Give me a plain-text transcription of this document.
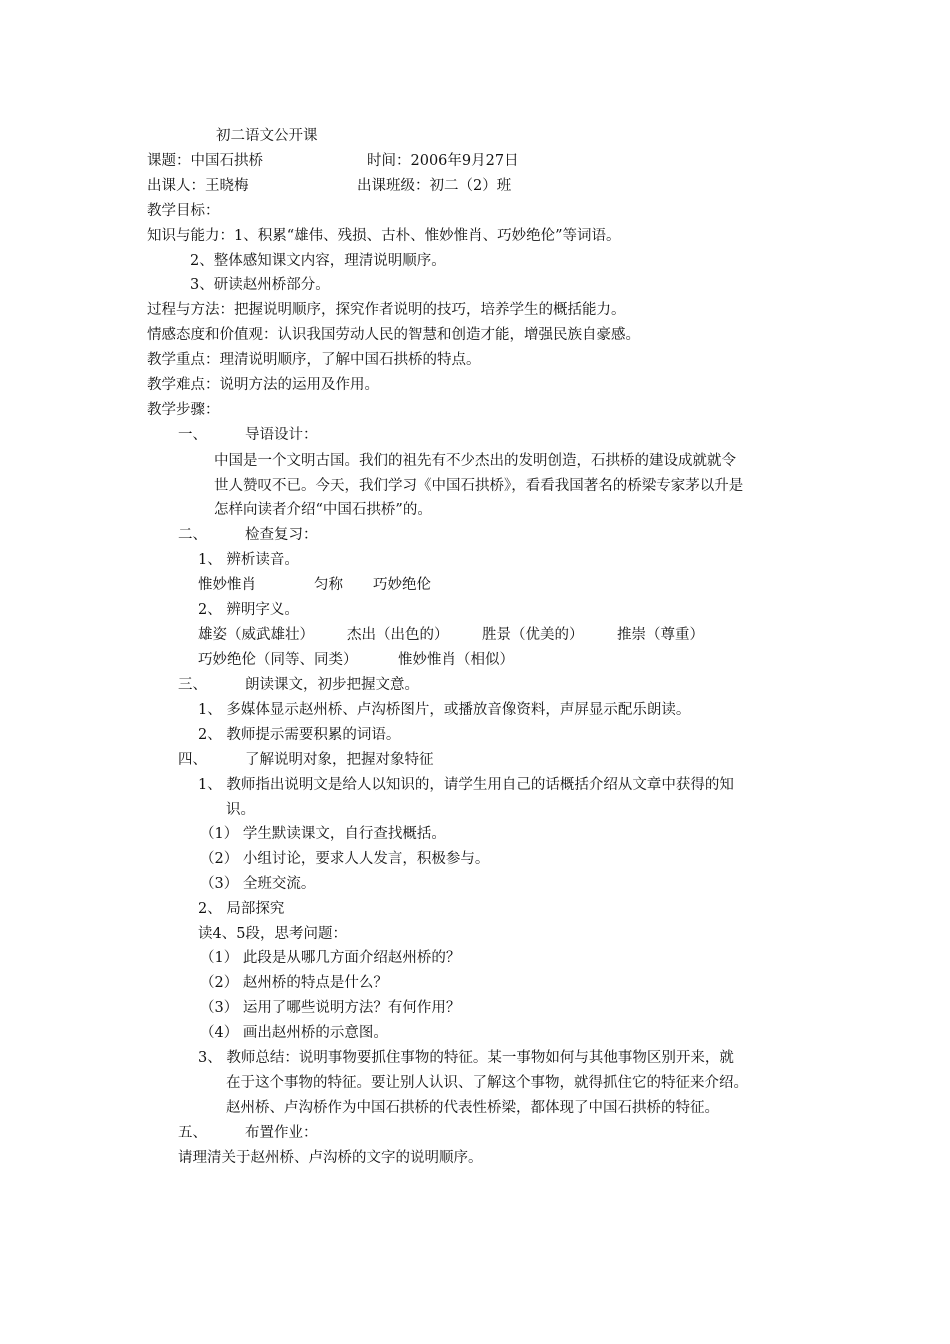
初二语文公开课
课题：中国石拱桥	时间：2006年9月27日
出课人：王晓梅	出课班级：初二（2）班
教学目标：
知识与能力：1、积累“雄伟、残损、古朴、惟妙惟肖、巧妙绝伦”等词语。
2、整体感知课文内容，理清说明顺序。
3、研读赵州桥部分。
过程与方法：把握说明顺序，探究作者说明的技巧，培养学生的概括能力。
情感态度和价值观：认识我国劳动人民的智慧和创造才能，增强民族自豪感。
教学重点：理清说明顺序，了解中国石拱桥的特点。
教学难点：说明方法的运用及作用。
教学步骤：
一、	导语设计：
中国是一个文明古国。我们的祖先有不少杰出的发明创造，石拱桥的建设成就就令
世人赞叹不已。今天，我们学习《中国石拱桥》，看看我国著名的桥梁专家茅以升是
怎样向读者介绍“中国石拱桥”的。
二、	检查复习：
1、 辨析读音。
惟妙惟肖	匀称 巧妙绝伦
2、 辨明字义。
雄姿（威武雄壮） 杰出（出色的） 胜景（优美的） 推崇（尊重）
巧妙绝伦（同等、同类）	惟妙惟肖（相似）
三、	朗读课文，初步把握文意。
1、 多媒体显示赵州桥、卢沟桥图片，或播放音像资料，声屏显示配乐朗读。
2、 教师提示需要积累的词语。
四、	了解说明对象，把握对象特征
1、 教师指出说明文是给人以知识的，请学生用自己的话概括介绍从文章中获得的知
识。
（1） 学生默读课文，自行查找概括。
（2） 小组讨论，要求人人发言，积极参与。
（3） 全班交流。
2、 局部探究
读4、5段，思考问题：
（1） 此段是从哪几方面介绍赵州桥的？
（2） 赵州桥的特点是什么？
（3） 运用了哪些说明方法？有何作用？
（4） 画出赵州桥的示意图。
3、 教师总结：说明事物要抓住事物的特征。某一事物如何与其他事物区别开来，就
在于这个事物的特征。要让别人认识、了解这个事物，就得抓住它的特征来介绍。
赵州桥、卢沟桥作为中国石拱桥的代表性桥梁，都体现了中国石拱桥的特征。
五、	布置作业：
请理清关于赵州桥、卢沟桥的文字的说明顺序。
